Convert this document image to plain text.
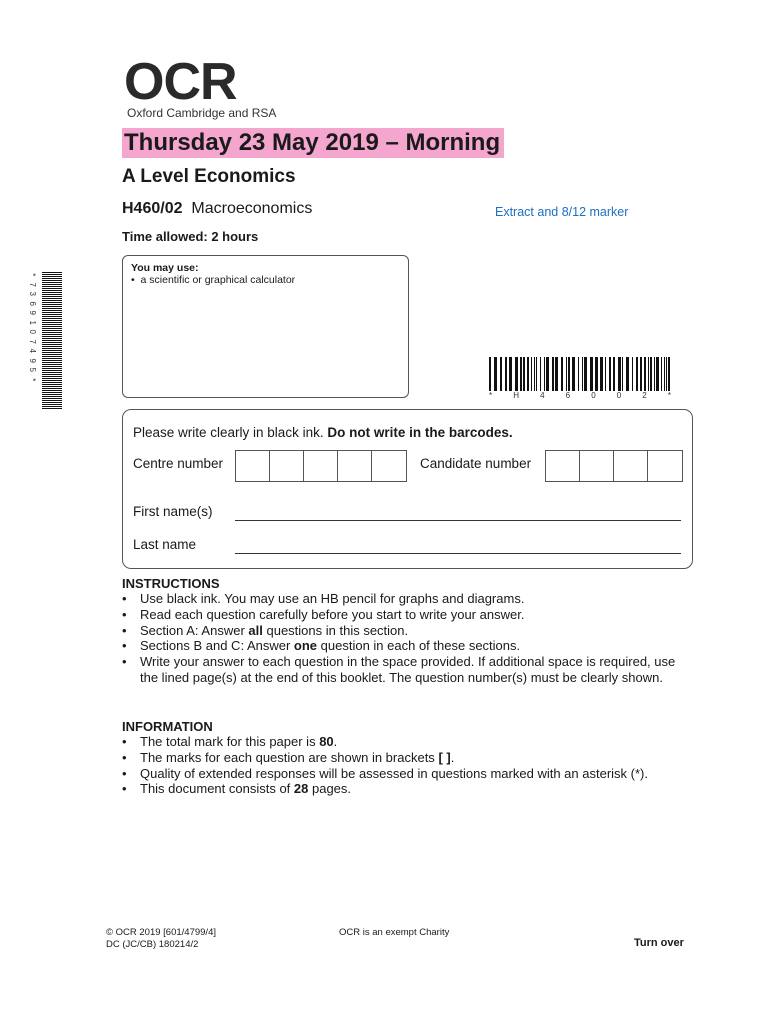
OCR
Oxford Cambridge and RSA
Thursday 23 May 2019 – Morning
A Level Economics
H460/02 Macroeconomics	Extract and 8/12 marker
Time allowed: 2 hours
You may use:
•  a scientific or graphical calculator
*
7
3
6
9
1
0
7
4
9
5
*
*	H	4	6	0	0	2	*
Please write clearly in black ink. Do not write in the barcodes.
Centre number	Candidate number
First name(s)
Last name
INSTRUCTIONS
• Use black ink. You may use an HB pencil for graphs and diagrams.
• Read each question carefully before you start to write your answer.
• Section A: Answer all questions in this section.
• Sections B and C: Answer one question in each of these sections.
• Write your answer to each question in the space provided. If additional space is required, use the lined page(s) at the end of this booklet. The question number(s) must be clearly shown.
INFORMATION
• The total mark for this paper is 80.
• The marks for each question are shown in brackets [ ].
• Quality of extended responses will be assessed in questions marked with an asterisk (*).
• This document consists of 28 pages.
© OCR 2019 [601/4799/4]
DC (JC/CB) 180214/2
OCR is an exempt Charity
Turn over
